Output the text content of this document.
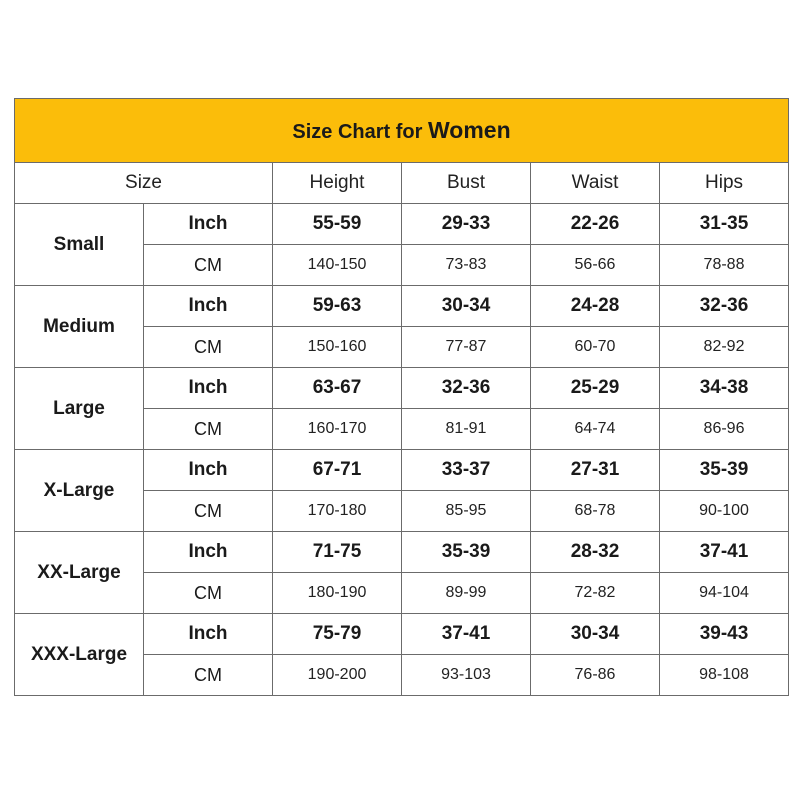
Size Chart for Women					
Size		Height	Bust	Waist	Hips
Small	Inch	55-59	29-33	22-26	31-35
	CM	140-150	73-83	56-66	78-88
Medium	Inch	59-63	30-34	24-28	32-36
	CM	150-160	77-87	60-70	82-92
Large	Inch	63-67	32-36	25-29	34-38
	CM	160-170	81-91	64-74	86-96
X-Large	Inch	67-71	33-37	27-31	35-39
	CM	170-180	85-95	68-78	90-100
XX-Large	Inch	71-75	35-39	28-32	37-41
	CM	180-190	89-99	72-82	94-104
XXX-Large	Inch	75-79	37-41	30-34	39-43
	CM	190-200	93-103	76-86	98-108
